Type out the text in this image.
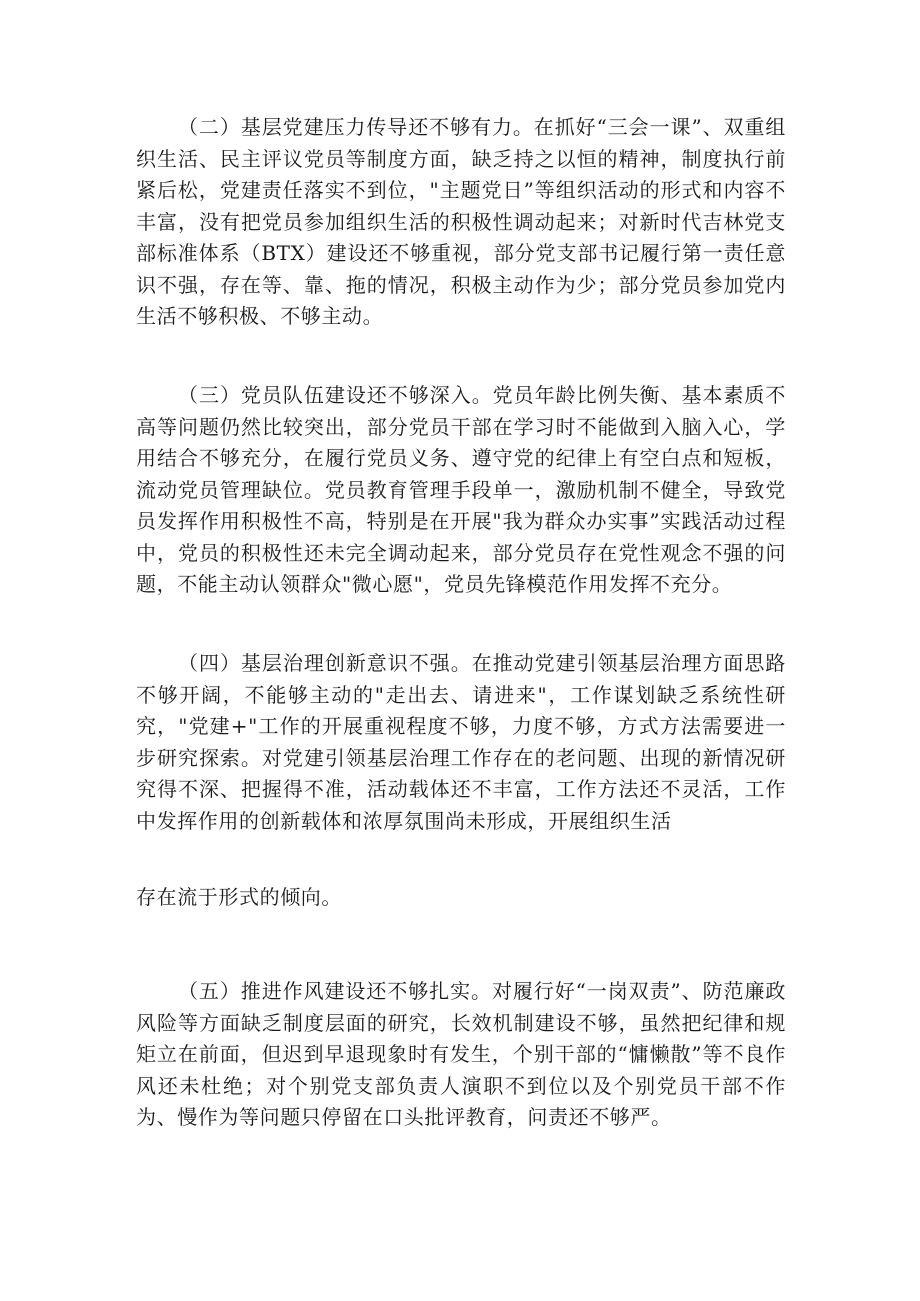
（二）基层党建压力传导还不够有力。在抓好“三会一课”、双重组织生活、民主评议党员等制度方面，缺乏持之以恒的精神，制度执行前紧后松，党建责任落实不到位，"主题党日”等组织活动的形式和内容不丰富，没有把党员参加组织生活的积极性调动起来；对新时代吉林党支部标准体系（BTX）建设还不够重视，部分党支部书记履行第一责任意识不强，存在等、靠、拖的情况，积极主动作为少；部分党员参加党内生活不够积极、不够主动。

（三）党员队伍建设还不够深入。党员年龄比例失衡、基本素质不高等问题仍然比较突出，部分党员干部在学习时不能做到入脑入心，学用结合不够充分，在履行党员义务、遵守党的纪律上有空白点和短板，流动党员管理缺位。党员教育管理手段单一，激励机制不健全，导致党员发挥作用积极性不高，特别是在开展"我为群众办实事”实践活动过程中，党员的积极性还未完全调动起来，部分党员存在党性观念不强的问题，不能主动认领群众"微心愿"，党员先锋模范作用发挥不充分。

（四）基层治理创新意识不强。在推动党建引领基层治理方面思路不够开阔，不能够主动的"走出去、请进来"，工作谋划缺乏系统性研究，"党建+"工作的开展重视程度不够，力度不够，方式方法需要进一步研究探索。对党建引领基层治理工作存在的老问题、出现的新情况研究得不深、把握得不准，活动载体还不丰富，工作方法还不灵活，工作中发挥作用的创新载体和浓厚氛围尚未形成，开展组织生活

存在流于形式的倾向。

（五）推进作风建设还不够扎实。对履行好“一岗双责”、防范廉政风险等方面缺乏制度层面的研究，长效机制建设不够，虽然把纪律和规矩立在前面，但迟到早退现象时有发生，个别干部的“慵懒散”等不良作风还未杜绝；对个别党支部负责人演职不到位以及个别党员干部不作为、慢作为等问题只停留在口头批评教育，问责还不够严。
